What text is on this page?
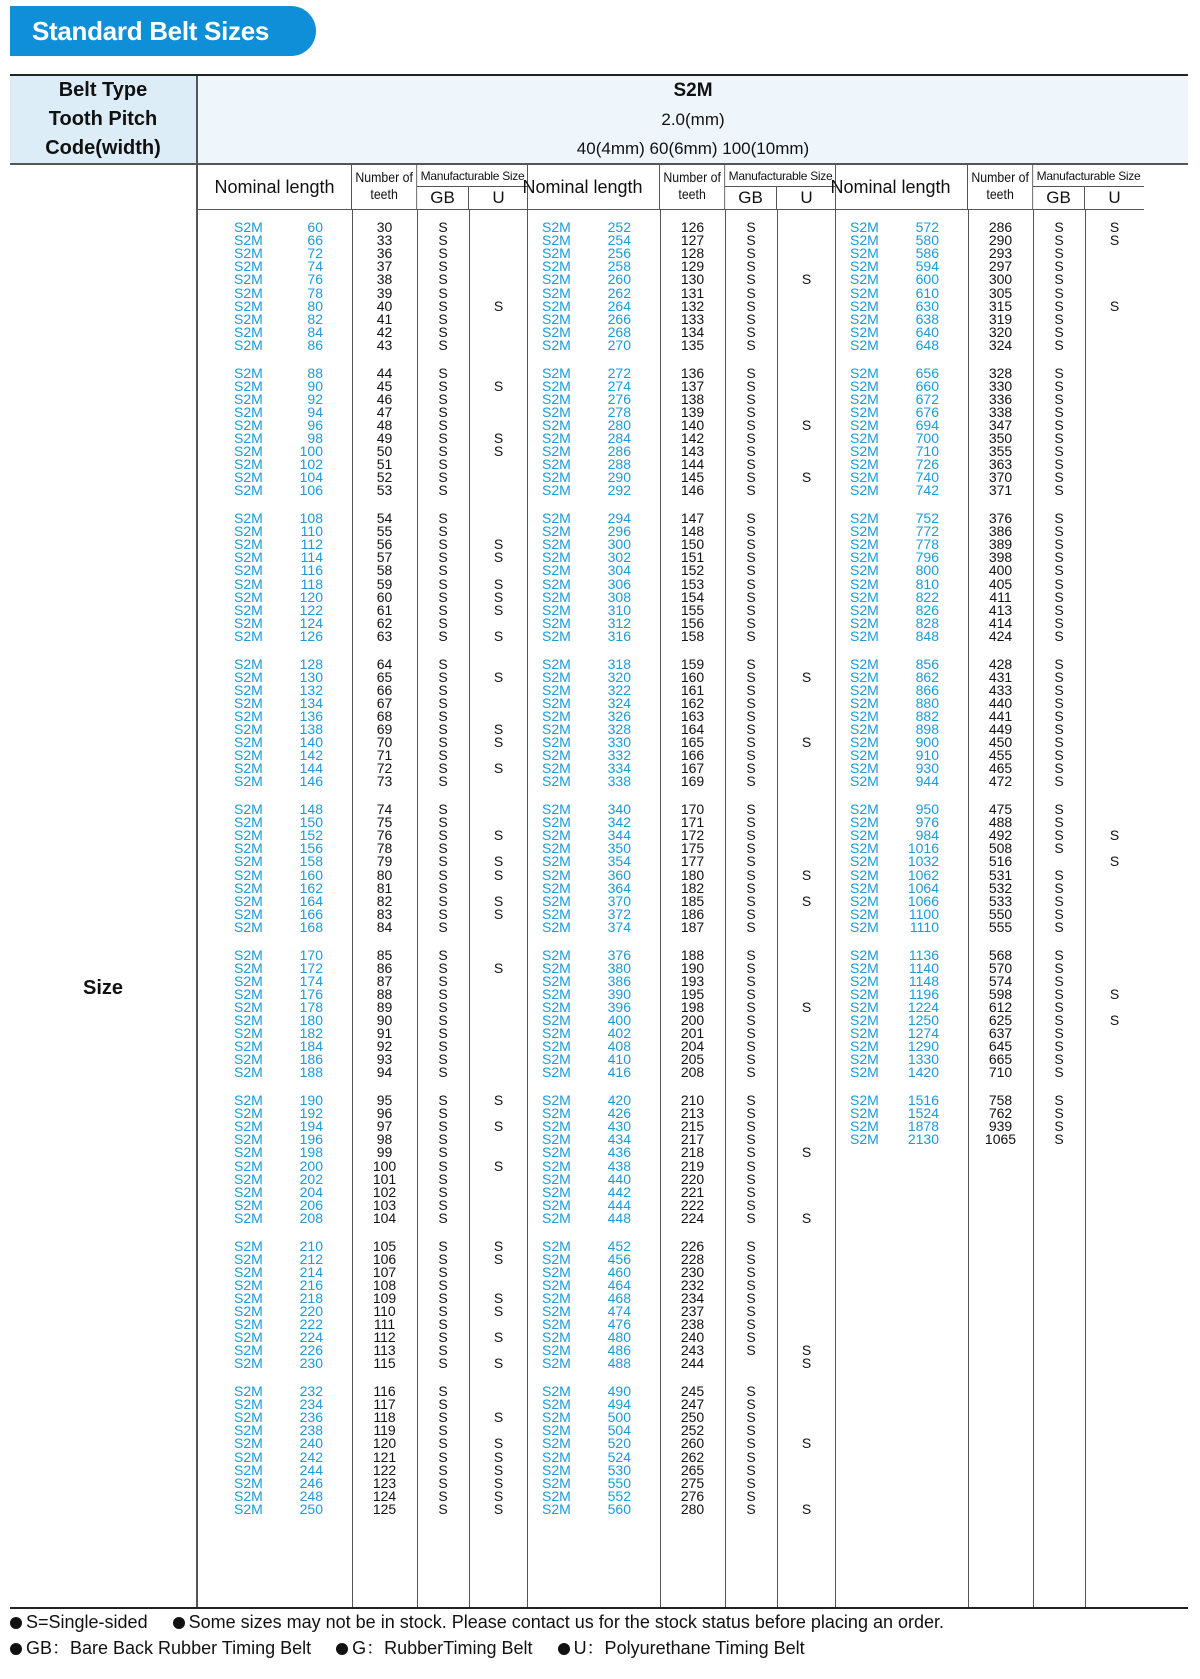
Standard Belt Sizes
Belt Type	S2M
Tooth Pitch	2.0(mm)
Code(width)	40(4mm) 60(6mm) 100(10mm)
Size
Nominal length	Number of
teeth
Manufacturable Size
GB	U
S2M	60	30	S
S2M	66	33	S
S2M	72	36	S
S2M	74	37	S
S2M	76	38	S
S2M	78	39	S
S2M	80	40	S	S
S2M	82	41	S
S2M	84	42	S
S2M	86	43	S
S2M	88	44	S
S2M	90	45	S	S
S2M	92	46	S
S2M	94	47	S
S2M	96	48	S
S2M	98	49	S	S
S2M	100	50	S	S
S2M	102	51	S
S2M	104	52	S
S2M	106	53	S
S2M	108	54	S
S2M	110	55	S
S2M	112	56	S	S
S2M	114	57	S	S
S2M	116	58	S
S2M	118	59	S	S
S2M	120	60	S	S
S2M	122	61	S	S
S2M	124	62	S
S2M	126	63	S	S
S2M	128	64	S
S2M	130	65	S	S
S2M	132	66	S
S2M	134	67	S
S2M	136	68	S
S2M	138	69	S	S
S2M	140	70	S	S
S2M	142	71	S
S2M	144	72	S	S
S2M	146	73	S
S2M	148	74	S
S2M	150	75	S
S2M	152	76	S	S
S2M	156	78	S
S2M	158	79	S	S
S2M	160	80	S	S
S2M	162	81	S
S2M	164	82	S	S
S2M	166	83	S	S
S2M	168	84	S
S2M	170	85	S
S2M	172	86	S	S
S2M	174	87	S
S2M	176	88	S
S2M	178	89	S
S2M	180	90	S
S2M	182	91	S
S2M	184	92	S
S2M	186	93	S
S2M	188	94	S
S2M	190	95	S	S
S2M	192	96	S
S2M	194	97	S	S
S2M	196	98	S
S2M	198	99	S
S2M	200	100	S	S
S2M	202	101	S
S2M	204	102	S
S2M	206	103	S
S2M	208	104	S
S2M	210	105	S	S
S2M	212	106	S	S
S2M	214	107	S
S2M	216	108	S
S2M	218	109	S	S
S2M	220	110	S	S
S2M	222	111	S
S2M	224	112	S	S
S2M	226	113	S
S2M	230	115	S	S
S2M	232	116	S
S2M	234	117	S
S2M	236	118	S	S
S2M	238	119	S
S2M	240	120	S	S
S2M	242	121	S	S
S2M	244	122	S	S
S2M	246	123	S	S
S2M	248	124	S	S
S2M	250	125	S	S
Nominal length	Number of
teeth
Manufacturable Size
GB	U
S2M	252	126	S
S2M	254	127	S
S2M	256	128	S
S2M	258	129	S
S2M	260	130	S	S
S2M	262	131	S
S2M	264	132	S
S2M	266	133	S
S2M	268	134	S
S2M	270	135	S
S2M	272	136	S
S2M	274	137	S
S2M	276	138	S
S2M	278	139	S
S2M	280	140	S	S
S2M	284	142	S
S2M	286	143	S
S2M	288	144	S
S2M	290	145	S	S
S2M	292	146	S
S2M	294	147	S
S2M	296	148	S
S2M	300	150	S
S2M	302	151	S
S2M	304	152	S
S2M	306	153	S
S2M	308	154	S
S2M	310	155	S
S2M	312	156	S
S2M	316	158	S
S2M	318	159	S
S2M	320	160	S	S
S2M	322	161	S
S2M	324	162	S
S2M	326	163	S
S2M	328	164	S
S2M	330	165	S	S
S2M	332	166	S
S2M	334	167	S
S2M	338	169	S
S2M	340	170	S
S2M	342	171	S
S2M	344	172	S
S2M	350	175	S
S2M	354	177	S
S2M	360	180	S	S
S2M	364	182	S
S2M	370	185	S	S
S2M	372	186	S
S2M	374	187	S
S2M	376	188	S
S2M	380	190	S
S2M	386	193	S
S2M	390	195	S
S2M	396	198	S	S
S2M	400	200	S
S2M	402	201	S
S2M	408	204	S
S2M	410	205	S
S2M	416	208	S
S2M	420	210	S
S2M	426	213	S
S2M	430	215	S
S2M	434	217	S
S2M	436	218	S	S
S2M	438	219	S
S2M	440	220	S
S2M	442	221	S
S2M	444	222	S
S2M	448	224	S	S
S2M	452	226	S
S2M	456	228	S
S2M	460	230	S
S2M	464	232	S
S2M	468	234	S
S2M	474	237	S
S2M	476	238	S
S2M	480	240	S
S2M	486	243	S	S
S2M	488	244	S
S2M	490	245	S
S2M	494	247	S
S2M	500	250	S
S2M	504	252	S
S2M	520	260	S	S
S2M	524	262	S
S2M	530	265	S
S2M	550	275	S
S2M	552	276	S
S2M	560	280	S	S
Nominal length	Number of
teeth
Manufacturable Size
GB	U
S2M	572	286	S	S
S2M	580	290	S	S
S2M	586	293	S
S2M	594	297	S
S2M	600	300	S
S2M	610	305	S
S2M	630	315	S	S
S2M	638	319	S
S2M	640	320	S
S2M	648	324	S
S2M	656	328	S
S2M	660	330	S
S2M	672	336	S
S2M	676	338	S
S2M	694	347	S
S2M	700	350	S
S2M	710	355	S
S2M	726	363	S
S2M	740	370	S
S2M	742	371	S
S2M	752	376	S
S2M	772	386	S
S2M	778	389	S
S2M	796	398	S
S2M	800	400	S
S2M	810	405	S
S2M	822	411	S
S2M	826	413	S
S2M	828	414	S
S2M	848	424	S
S2M	856	428	S
S2M	862	431	S
S2M	866	433	S
S2M	880	440	S
S2M	882	441	S
S2M	898	449	S
S2M	900	450	S
S2M	910	455	S
S2M	930	465	S
S2M	944	472	S
S2M	950	475	S
S2M	976	488	S
S2M	984	492	S	S
S2M	1016	508	S
S2M	1032	516	S
S2M	1062	531	S
S2M	1064	532	S
S2M	1066	533	S
S2M	1100	550	S
S2M	1110	555	S
S2M	1136	568	S
S2M	1140	570	S
S2M	1148	574	S
S2M	1196	598	S	S
S2M	1224	612	S
S2M	1250	625	S	S
S2M	1274	637	S
S2M	1290	645	S
S2M	1330	665	S
S2M	1420	710	S
S2M	1516	758	S
S2M	1524	762	S
S2M	1878	939	S
S2M	2130	1065	S
S=Single-sided Some sizes may not be in stock. Please contact us for the stock status before placing an order.
GB：Bare Back Rubber Timing Belt G：RubberTiming Belt U：Polyurethane Timing Belt
